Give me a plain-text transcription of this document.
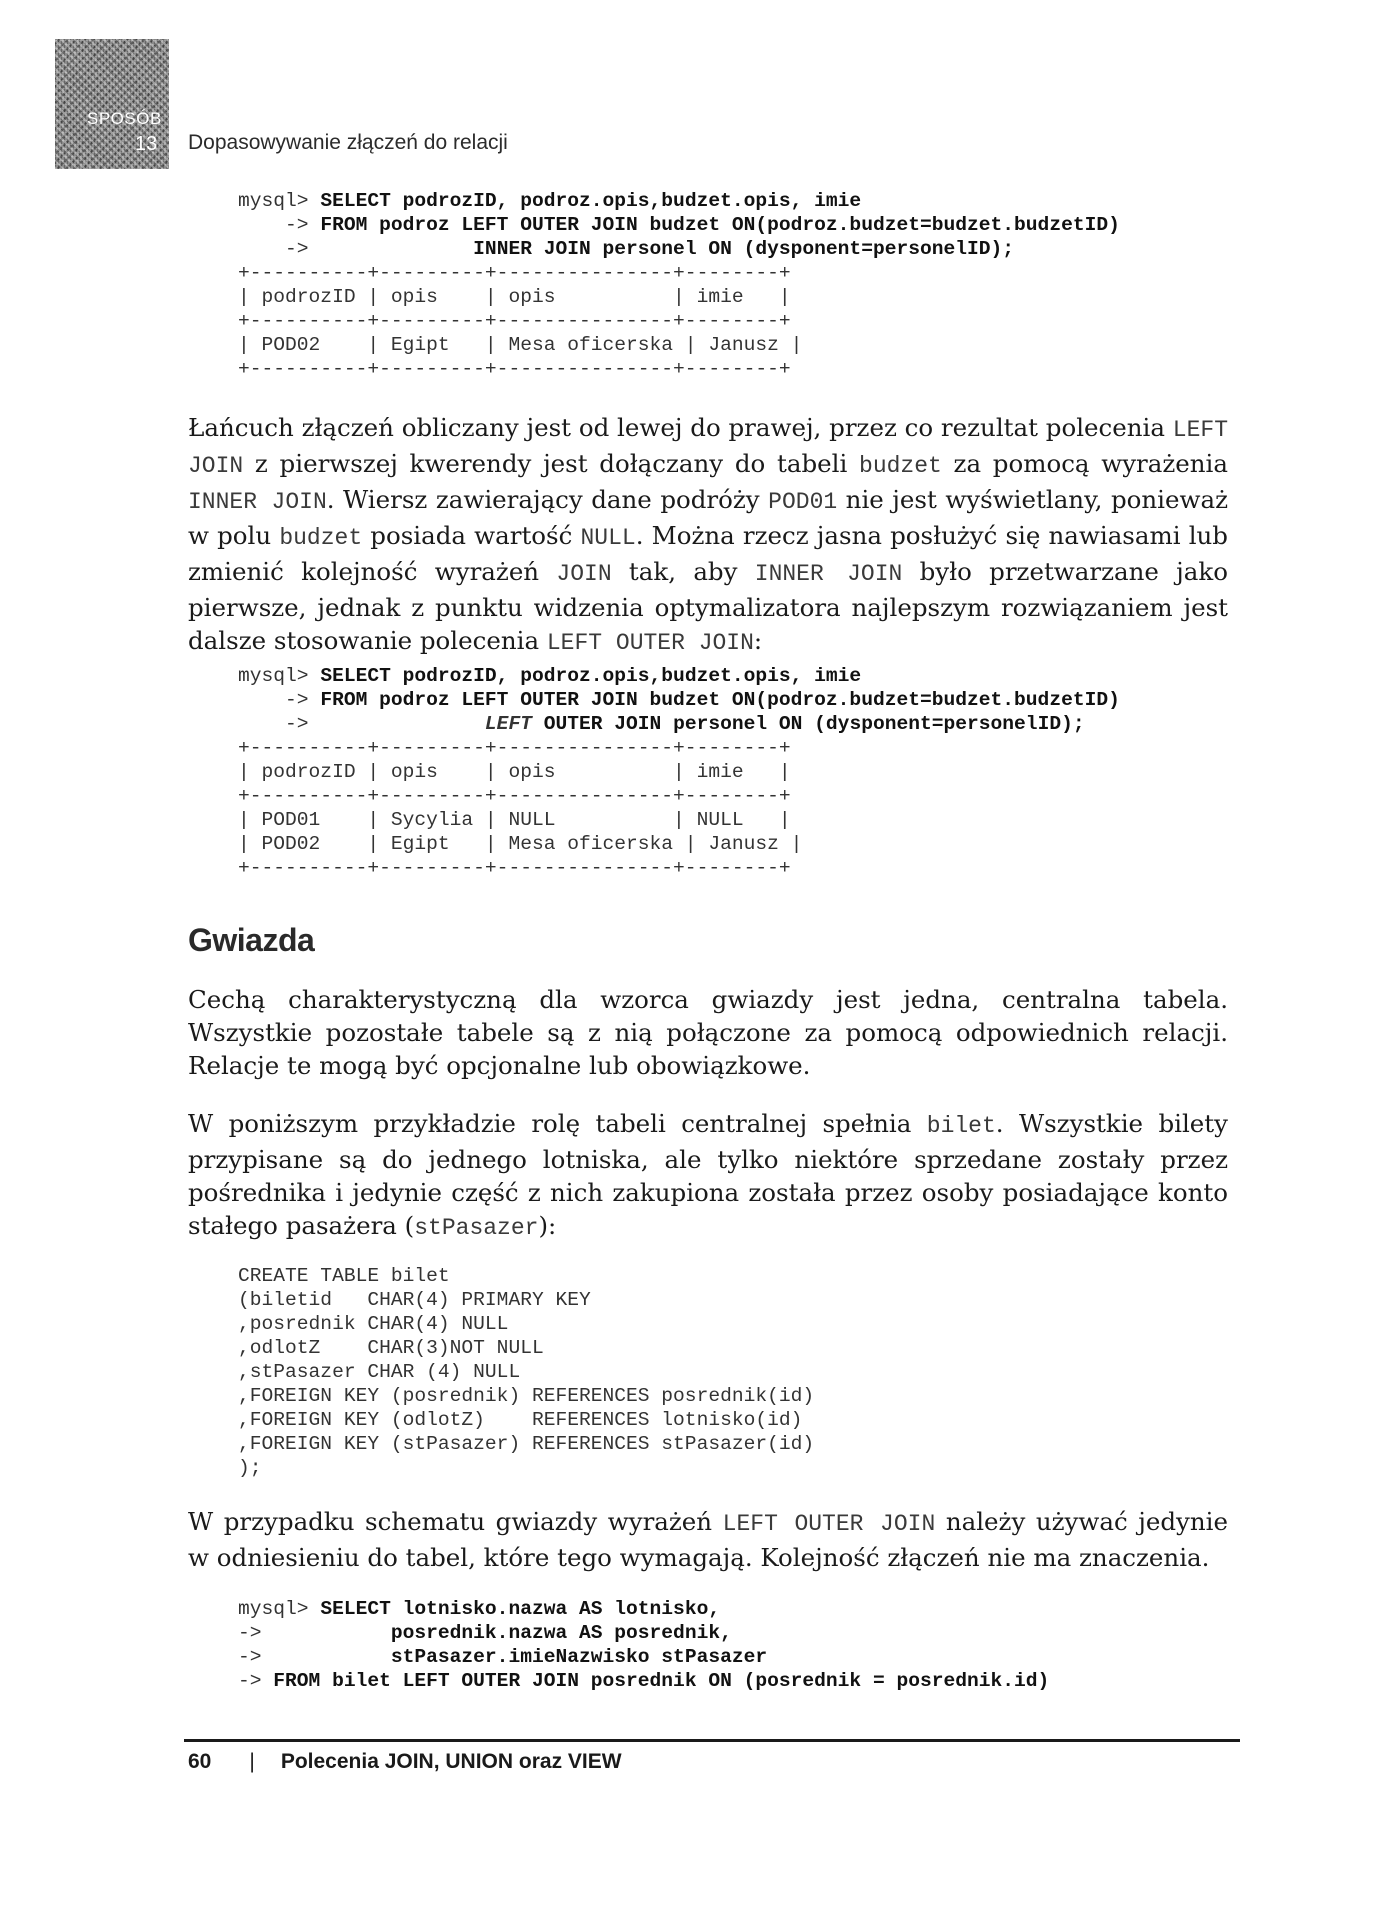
SPOSÓB
13 Dopasowywanie złączeń do relacji
mysql> SELECT podrozID, podroz.opis,budzet.opis, imie
-> FROM podroz LEFT OUTER JOIN budzet ON(podroz.budzet=budzet.budzetID)
->              INNER JOIN personel ON (dysponent=personelID);
+----------+---------+---------------+--------+
| podrozID | opis    | opis          | imie   |
+----------+---------+---------------+--------+
| POD02    | Egipt   | Mesa oficerska | Janusz |
+----------+---------+---------------+--------+
Łańcuch złączeń obliczany jest od lewej do prawej, przez co rezultat polecenia LEFT JOIN z pierwszej kwerendy jest dołączany do tabeli budzet za pomocą wyrażenia INNER JOIN. Wiersz zawierający dane podróży POD01 nie jest wyświetlany, ponieważ w polu budzet posiada wartość NULL. Można rzecz jasna posłużyć się nawiasami lub zmienić kolejność wyrażeń JOIN tak, aby INNER JOIN było przetwarzane jako pierwsze, jednak z punktu widzenia optymalizatora najlepszym rozwiązaniem jest dalsze stosowanie polecenia LEFT OUTER JOIN:
mysql> SELECT podrozID, podroz.opis,budzet.opis, imie
-> FROM podroz LEFT OUTER JOIN budzet ON(podroz.budzet=budzet.budzetID)
->               LEFT OUTER JOIN personel ON (dysponent=personelID);
+----------+---------+---------------+--------+
| podrozID | opis    | opis          | imie   |
+----------+---------+---------------+--------+
| POD01    | Sycylia | NULL          | NULL   |
| POD02    | Egipt   | Mesa oficerska | Janusz |
+----------+---------+---------------+--------+
Gwiazda
Cechą charakterystyczną dla wzorca gwiazdy jest jedna, centralna tabela. Wszystkie pozostałe tabele są z nią połączone za pomocą odpowiednich relacji. Relacje te mogą być opcjonalne lub obowiązkowe.
W poniższym przykładzie rolę tabeli centralnej spełnia bilet. Wszystkie bilety przypisane są do jednego lotniska, ale tylko niektóre sprzedane zostały przez pośrednika i jedynie część z nich zakupiona została przez osoby posiadające konto stałego pasażera (stPasazer):
CREATE TABLE bilet
(biletid   CHAR(4) PRIMARY KEY
,posrednik CHAR(4) NULL
,odlotZ    CHAR(3)NOT NULL
,stPasazer CHAR (4) NULL
,FOREIGN KEY (posrednik) REFERENCES posrednik(id)
,FOREIGN KEY (odlotZ)    REFERENCES lotnisko(id)
,FOREIGN KEY (stPasazer) REFERENCES stPasazer(id)
);
W przypadku schematu gwiazdy wyrażeń LEFT OUTER JOIN należy używać jedynie w odniesieniu do tabel, które tego wymagają. Kolejność złączeń nie ma znaczenia.
mysql> SELECT lotnisko.nazwa AS lotnisko,
->           posrednik.nazwa AS posrednik,
->           stPasazer.imieNazwisko stPasazer
-> FROM bilet LEFT OUTER JOIN posrednik ON (posrednik = posrednik.id)
60 | Polecenia JOIN, UNION oraz VIEW
